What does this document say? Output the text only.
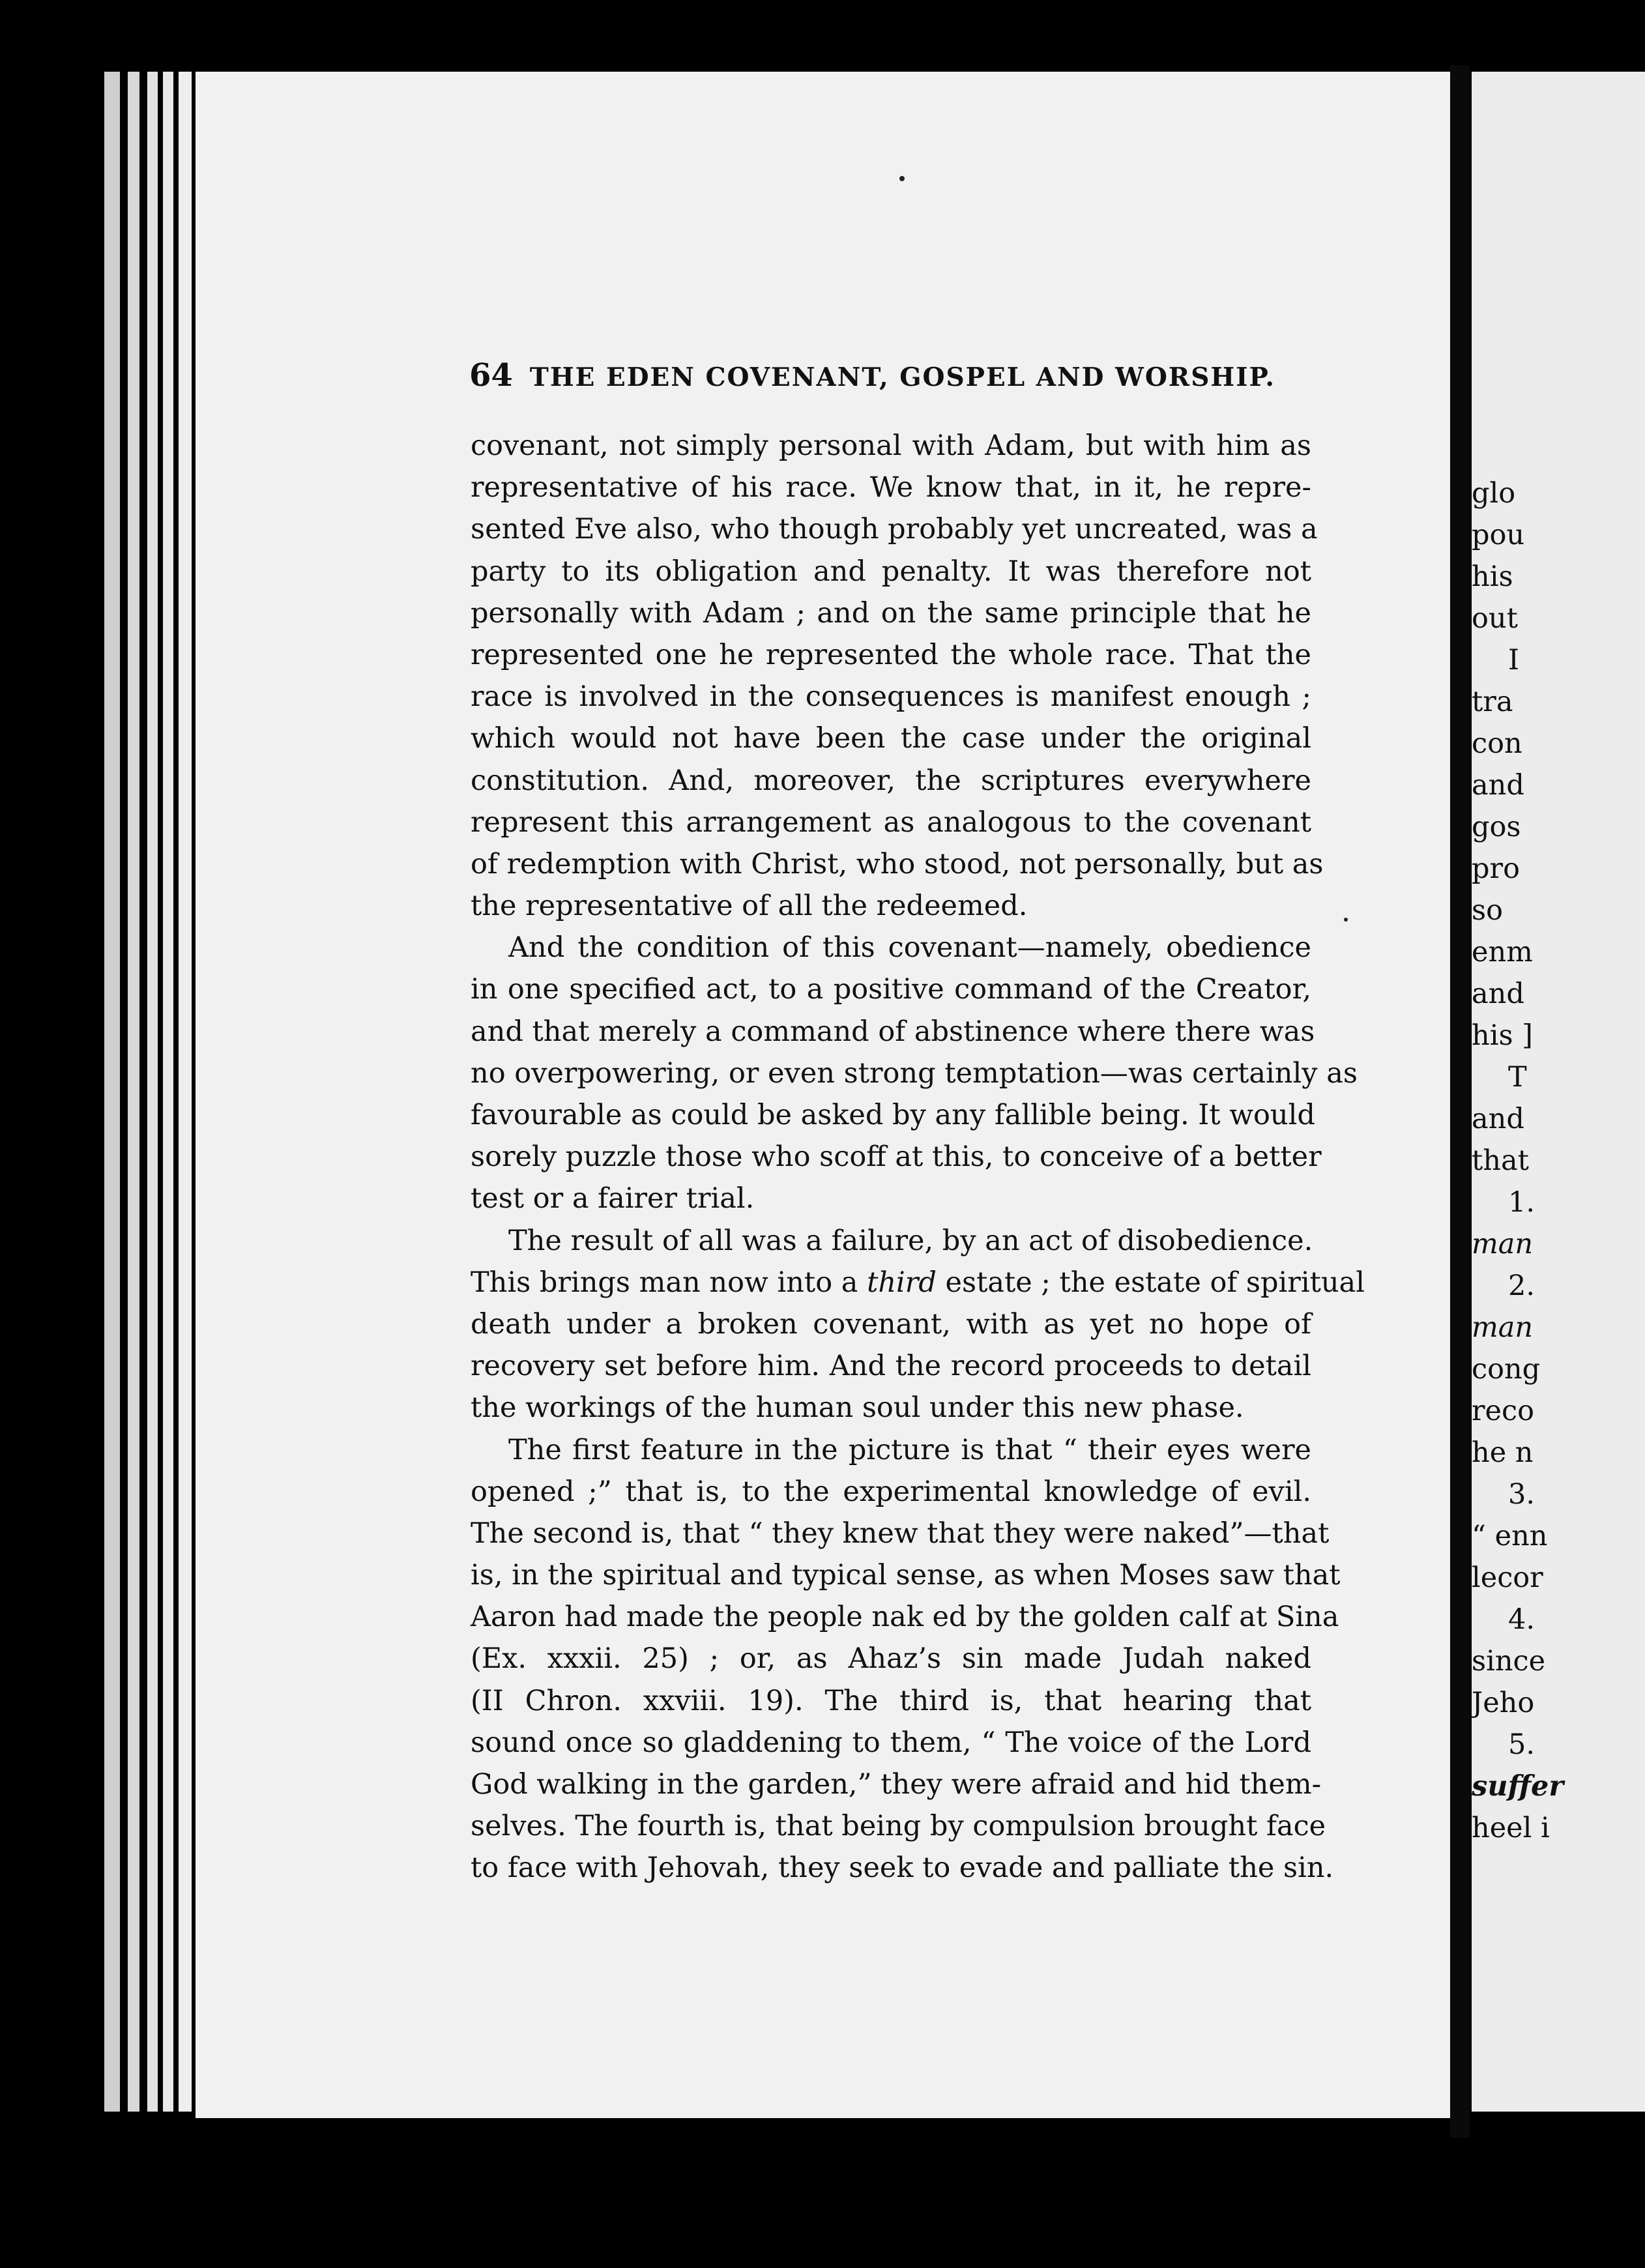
64 THE EDEN COVENANT, GOSPEL AND WORSHIP.
covenant, not simply personal with Adam, but with him as
representative of his race. We know that, in it, he repre-
sented Eve also, who though probably yet uncreated, was a
party to its obligation and penalty. It was therefore not
personally with Adam ; and on the same principle that he
represented one he represented the whole race. That the
race is involved in the consequences is manifest enough ;
which would not have been the case under the original
constitution. And, moreover, the scriptures everywhere
represent this arrangement as analogous to the covenant
of redemption with Christ, who stood, not personally, but as
the representative of all the redeemed.
And the condition of this covenant—namely, obedience
in one specified act, to a positive command of the Creator,
and that merely a command of abstinence where there was
no overpowering, or even strong temptation—was certainly as
favourable as could be asked by any fallible being. It would
sorely puzzle those who scoff at this, to conceive of a better
test or a fairer trial.
The result of all was a failure, by an act of disobedience.
This brings man now into a third estate ; the estate of spiritual
death under a broken covenant, with as yet no hope of
recovery set before him. And the record proceeds to detail
the workings of the human soul under this new phase.
The first feature in the picture is that “ their eyes were
opened ;” that is, to the experimental knowledge of evil.
The second is, that “ they knew that they were naked”—that
is, in the spiritual and typical sense, as when Moses saw that
Aaron had made the people nak ed by the golden calf at Sina
(Ex. xxxii. 25) ; or, as Ahaz’s sin made Judah naked
(II Chron. xxviii. 19). The third is, that hearing that
sound once so gladdening to them, “ The voice of the Lord
God walking in the garden,” they were afraid and hid them-
selves. The fourth is, that being by compulsion brought face
to face with Jehovah, they seek to evade and palliate the sin.
glo
pou
his
out
I
tra
con
and
gos
pro
so
enm
and
his ]
T
and
that
1.
man
2.
man
cong
reco
he n
3.
“ enn
lecor
4.
since
Jeho
5.
suffer
heel i
